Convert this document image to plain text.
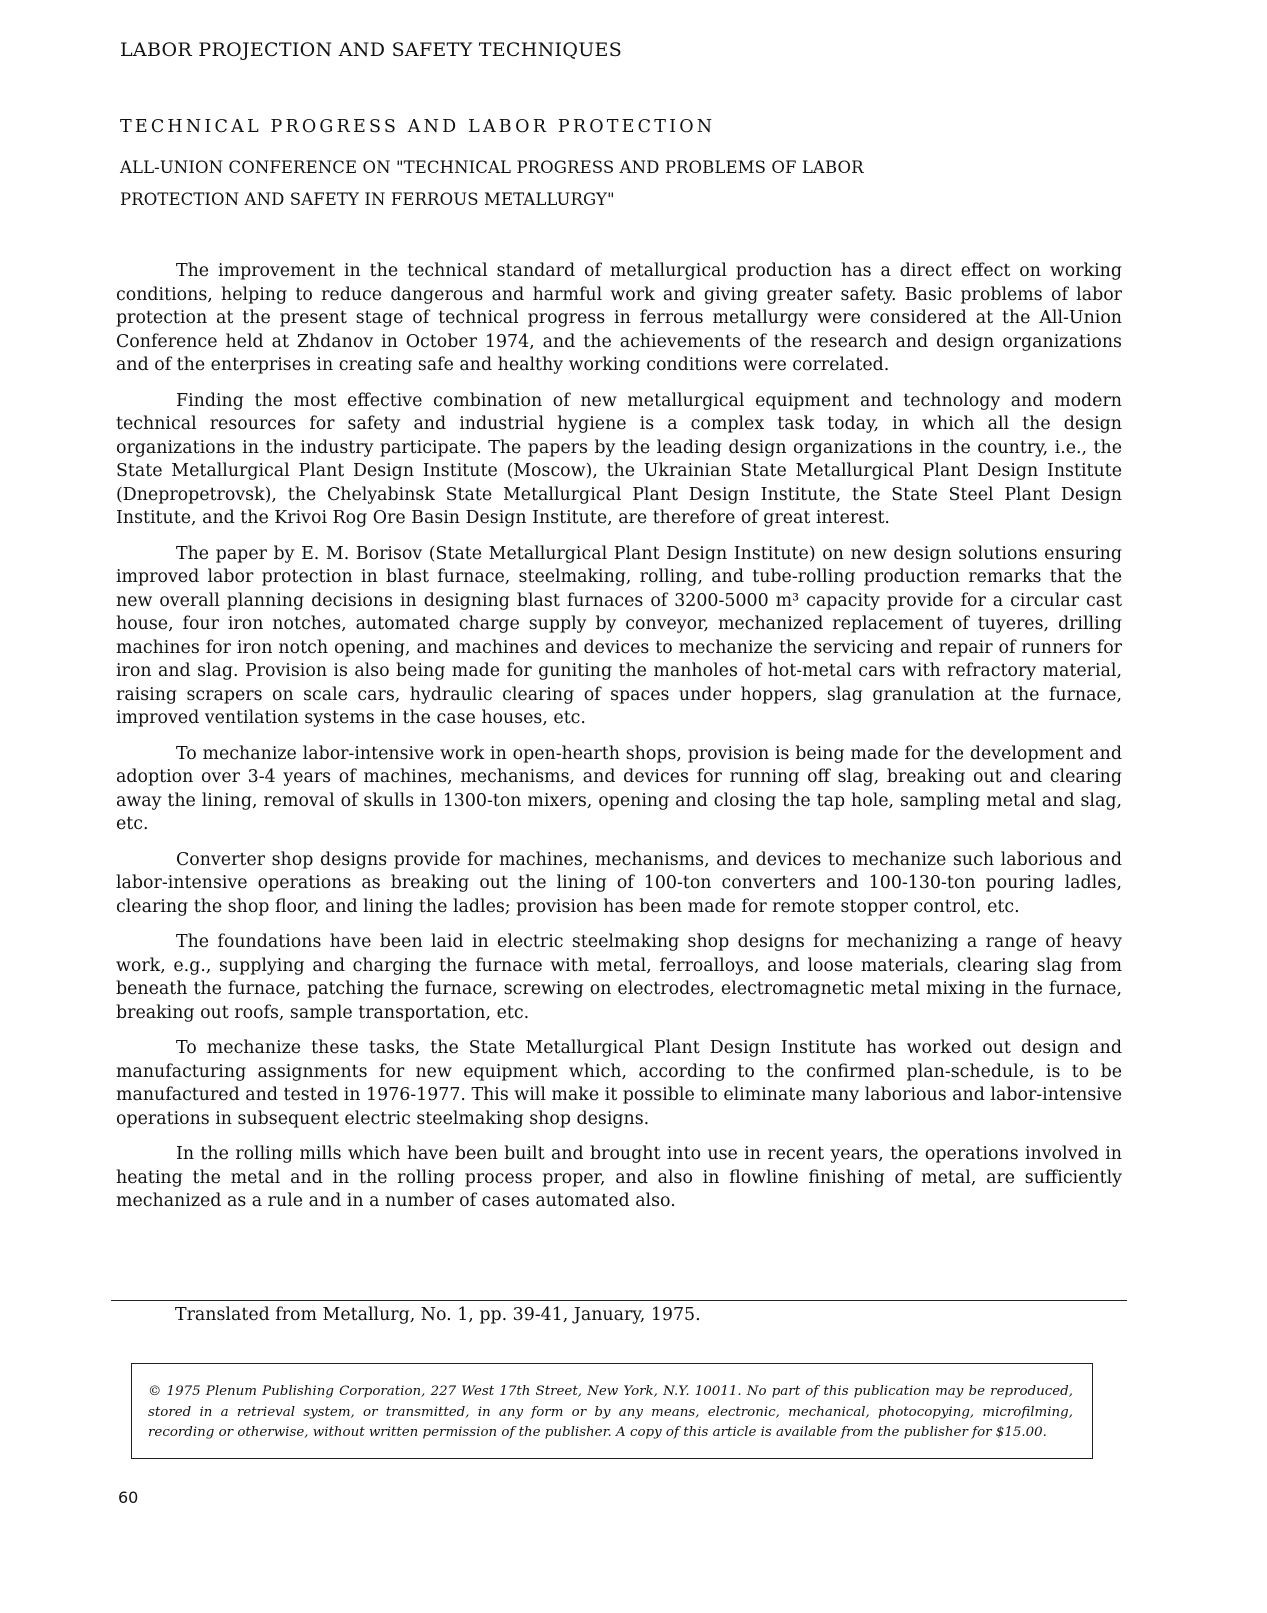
LABOR PROJECTION AND SAFETY TECHNIQUES
TECHNICAL PROGRESS AND LABOR PROTECTION
ALL-UNION CONFERENCE ON "TECHNICAL PROGRESS AND PROBLEMS OF LABOR PROTECTION AND SAFETY IN FERROUS METALLURGY"

The improvement in the technical standard of metallurgical production has a direct effect on working conditions, helping to reduce dangerous and harmful work and giving greater safety. Basic problems of labor protection at the present stage of technical progress in ferrous metallurgy were considered at the All-Union Conference held at Zhdanov in October 1974, and the achievements of the research and design organizations and of the enterprises in creating safe and healthy working conditions were correlated.

Finding the most effective combination of new metallurgical equipment and technology and modern technical resources for safety and industrial hygiene is a complex task today, in which all the design organizations in the industry participate. The papers by the leading design organizations in the country, i.e., the State Metallurgical Plant Design Institute (Moscow), the Ukrainian State Metallurgical Plant Design Institute (Dnepropetrovsk), the Chelyabinsk State Metallurgical Plant Design Institute, the State Steel Plant Design Institute, and the Krivoi Rog Ore Basin Design Institute, are therefore of great interest.

The paper by E. M. Borisov (State Metallurgical Plant Design Institute) on new design solutions ensuring improved labor protection in blast furnace, steelmaking, rolling, and tube-rolling production remarks that the new overall planning decisions in designing blast furnaces of 3200-5000 m³ capacity provide for a circular cast house, four iron notches, automated charge supply by conveyor, mechanized replacement of tuyeres, drilling machines for iron notch opening, and machines and devices to mechanize the servicing and repair of runners for iron and slag. Provision is also being made for guniting the manholes of hot-metal cars with refractory material, raising scrapers on scale cars, hydraulic clearing of spaces under hoppers, slag granulation at the furnace, improved ventilation systems in the case houses, etc.

To mechanize labor-intensive work in open-hearth shops, provision is being made for the development and adoption over 3-4 years of machines, mechanisms, and devices for running off slag, breaking out and clearing away the lining, removal of skulls in 1300-ton mixers, opening and closing the tap hole, sampling metal and slag, etc.

Converter shop designs provide for machines, mechanisms, and devices to mechanize such laborious and labor-intensive operations as breaking out the lining of 100-ton converters and 100-130-ton pouring ladles, clearing the shop floor, and lining the ladles; provision has been made for remote stopper control, etc.

The foundations have been laid in electric steelmaking shop designs for mechanizing a range of heavy work, e.g., supplying and charging the furnace with metal, ferroalloys, and loose materials, clearing slag from beneath the furnace, patching the furnace, screwing on electrodes, electromagnetic metal mixing in the furnace, breaking out roofs, sample transportation, etc.

To mechanize these tasks, the State Metallurgical Plant Design Institute has worked out design and manufacturing assignments for new equipment which, according to the confirmed plan-schedule, is to be manufactured and tested in 1976-1977. This will make it possible to eliminate many laborious and labor-intensive operations in subsequent electric steelmaking shop designs.

In the rolling mills which have been built and brought into use in recent years, the operations involved in heating the metal and in the rolling process proper, and also in flowline finishing of metal, are sufficiently mechanized as a rule and in a number of cases automated also.

Translated from Metallurg, No. 1, pp. 39-41, January, 1975.
© 1975 Plenum Publishing Corporation, 227 West 17th Street, New York, N.Y. 10011. No part of this publication may be reproduced, stored in a retrieval system, or transmitted, in any form or by any means, electronic, mechanical, photocopying, microfilming, recording or otherwise, without written permission of the publisher. A copy of this article is available from the publisher for $15.00.
60
